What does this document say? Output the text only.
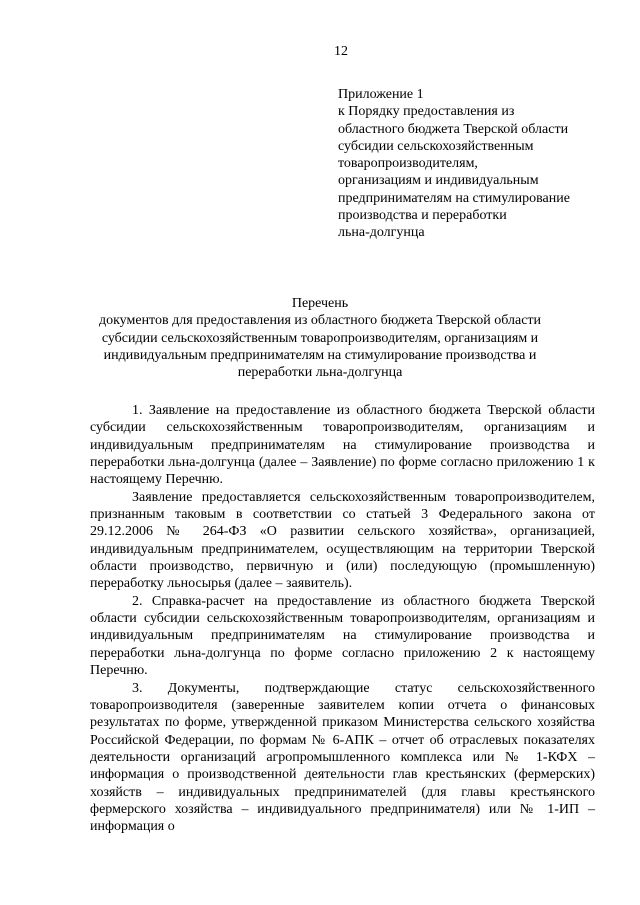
12
Приложение 1
к Порядку предоставления из
областного бюджета Тверской области
субсидии сельскохозяйственным
товаропроизводителям,
организациям и индивидуальным
предпринимателям на стимулирование
производства и переработки
льна-долгунца
Перечень
документов для предоставления из областного бюджета Тверской области
субсидии сельскохозяйственным товаропроизводителям, организациям и
индивидуальным предпринимателям на стимулирование производства и
переработки льна-долгунца

1. Заявление на предоставление из областного бюджета Тверской области субсидии сельскохозяйственным товаропроизводителям, организациям и индивидуальным предпринимателям на стимулирование производства и переработки льна-долгунца (далее – Заявление) по форме согласно приложению 1 к настоящему Перечню.

Заявление предоставляется сельскохозяйственным товаропроизводителем, признанным таковым в соответствии со статьей 3 Федерального закона от 29.12.2006 № 264-ФЗ «О развитии сельского хозяйства», организацией, индивидуальным предпринимателем, осуществляющим на территории Тверской области производство, первичную и (или) последующую (промышленную) переработку льносырья (далее – заявитель).

2. Справка-расчет на предоставление из областного бюджета Тверской области субсидии сельскохозяйственным товаропроизводителям, организациям и индивидуальным предпринимателям на стимулирование производства и переработки льна-долгунца по форме согласно приложению 2 к настоящему Перечню.

3. Документы, подтверждающие статус сельскохозяйственного товаропроизводителя (заверенные заявителем копии отчета о финансовых результатах по форме, утвержденной приказом Министерства сельского хозяйства Российской Федерации, по формам № 6-АПК – отчет об отраслевых показателях деятельности организаций агропромышленного комплекса или № 1-КФХ – информация о производственной деятельности глав крестьянских (фермерских) хозяйств – индивидуальных предпринимателей (для главы крестьянского фермерского хозяйства – индивидуального предпринимателя) или № 1-ИП – информация о
